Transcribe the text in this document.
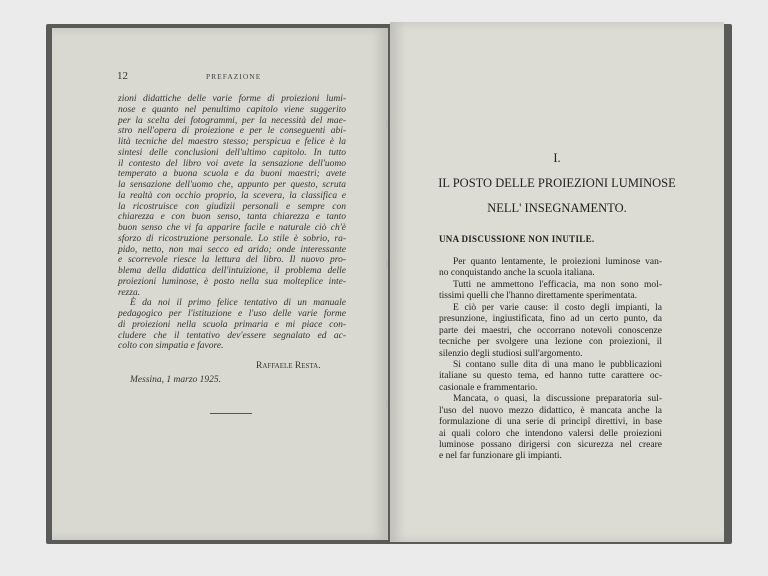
12	PREFAZIONE
zioni didattiche delle varie forme di proiezioni lumi-
nose e quanto nel penultimo capitolo viene suggerito
per la scelta dei fotogrammi, per la necessità del mae-
stro nell'opera di proiezione e per le conseguenti abi-
lità tecniche del maestro stesso; perspicua e felice è la
sintesi delle conclusioni dell'ultimo capitolo. In tutto
il contesto del libro voi avete la sensazione dell'uomo
temperato a buona scuola e da buoni maestri; avete
la sensazione dell'uomo che, appunto per questo, scruta
la realtà con occhio proprio, la scevera, la classifica e
la ricostruisce con giudizii personali e sempre con
chiarezza e con buon senso, tanta chiarezza e tanto
buon senso che vi fa apparire facile e naturale ciò ch'è
sforzo di ricostruzione personale. Lo stile è sobrio, ra-
pido, netto, non mai secco ed arido; onde interessante
e scorrevole riesce la lettura del libro. Il nuovo pro-
blema della didattica dell'intuizione, il problema delle
proiezioni luminose, è posto nella sua molteplice inte-
rezza.
È da noi il primo felice tentativo di un manuale
pedagogico per l'istituzione e l'uso delle varie forme
di proiezioni nella scuola primaria e mi piace con-
cludere che il tentativo dev'essere segnalato ed ac-
colto con simpatia e favore.
Raffaele Resta.
Messina, 1 marzo 1925.
I.
IL POSTO DELLE PROIEZIONI LUMINOSE
NELL' INSEGNAMENTO.
UNA DISCUSSIONE NON INUTILE.
Per quanto lentamente, le proiezioni luminose van-
no conquistando anche la scuola italiana.
Tutti ne ammettono l'efficacia, ma non sono mol-
tissimi quelli che l'hanno direttamente sperimentata.
E ciò per varie cause: il costo degli impianti, la
presunzione, ingiustificata, fino ad un certo punto, da
parte dei maestri, che occorrano notevoli conoscenze
tecniche per svolgere una lezione con proiezioni, il
silenzio degli studiosi sull'argomento.
Si contano sulle dita di una mano le pubblicazioni
italiane su questo tema, ed hanno tutte carattere oc-
casionale e frammentario.
Mancata, o quasi, la discussione preparatoria sul-
l'uso del nuovo mezzo didattico, è mancata anche la
formulazione di una serie di principî direttivi, in base
ai quali coloro che intendono valersi delle proiezioni
luminose possano dirigersi con sicurezza nel creare
e nel far funzionare gli impianti.
